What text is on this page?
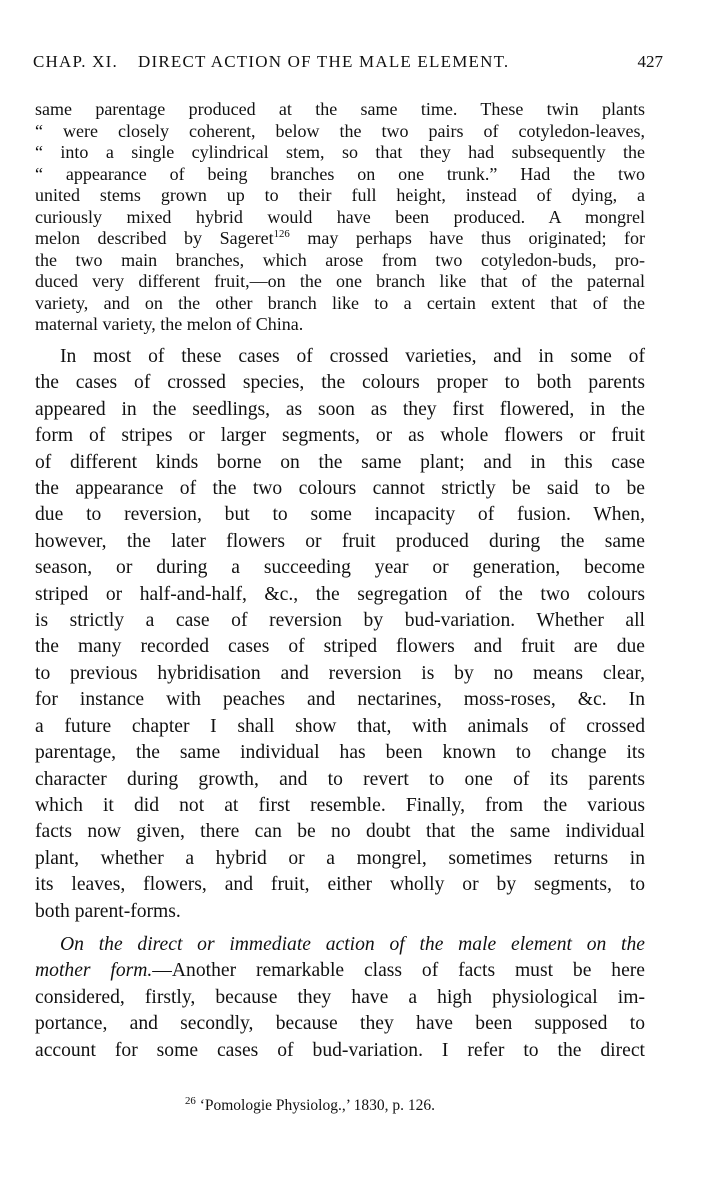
CHAP. XI. DIRECT ACTION OF THE MALE ELEMENT.	427
same parentage produced at the same time. These twin plants
“ were closely coherent, below the two pairs of cotyledon-leaves,
“ into a single cylindrical stem, so that they had subsequently the
“ appearance of being branches on one trunk.” Had the two
united stems grown up to their full height, instead of dying, a
curiously mixed hybrid would have been produced. A mongrel
melon described by Sageret$^{126}$ may perhaps have thus originated; for
the two main branches, which arose from two cotyledon-buds, pro-
duced very different fruit,—on the one branch like that of the paternal
variety, and on the other branch like to a certain extent that of the
maternal variety, the melon of China.
In most of these cases of crossed varieties, and in some of
the cases of crossed species, the colours proper to both parents
appeared in the seedlings, as soon as they first flowered, in the
form of stripes or larger segments, or as whole flowers or fruit
of different kinds borne on the same plant; and in this case
the appearance of the two colours cannot strictly be said to be
due to reversion, but to some incapacity of fusion. When,
however, the later flowers or fruit produced during the same
season, or during a succeeding year or generation, become
striped or half-and-half, &c., the segregation of the two colours
is strictly a case of reversion by bud-variation. Whether all
the many recorded cases of striped flowers and fruit are due
to previous hybridisation and reversion is by no means clear,
for instance with peaches and nectarines, moss-roses, &c. In
a future chapter I shall show that, with animals of crossed
parentage, the same individual has been known to change its
character during growth, and to revert to one of its parents
which it did not at first resemble. Finally, from the various
facts now given, there can be no doubt that the same individual
plant, whether a hybrid or a mongrel, sometimes returns in
its leaves, flowers, and fruit, either wholly or by segments, to
both parent-forms.
On the direct or immediate action of the male element on the
mother form.—Another remarkable class of facts must be here
considered, firstly, because they have a high physiological im-
portance, and secondly, because they have been supposed to
account for some cases of bud-variation. I refer to the direct
$^{26}$ ‘Pomologie Physiolog.,’ 1830, p. 126.
